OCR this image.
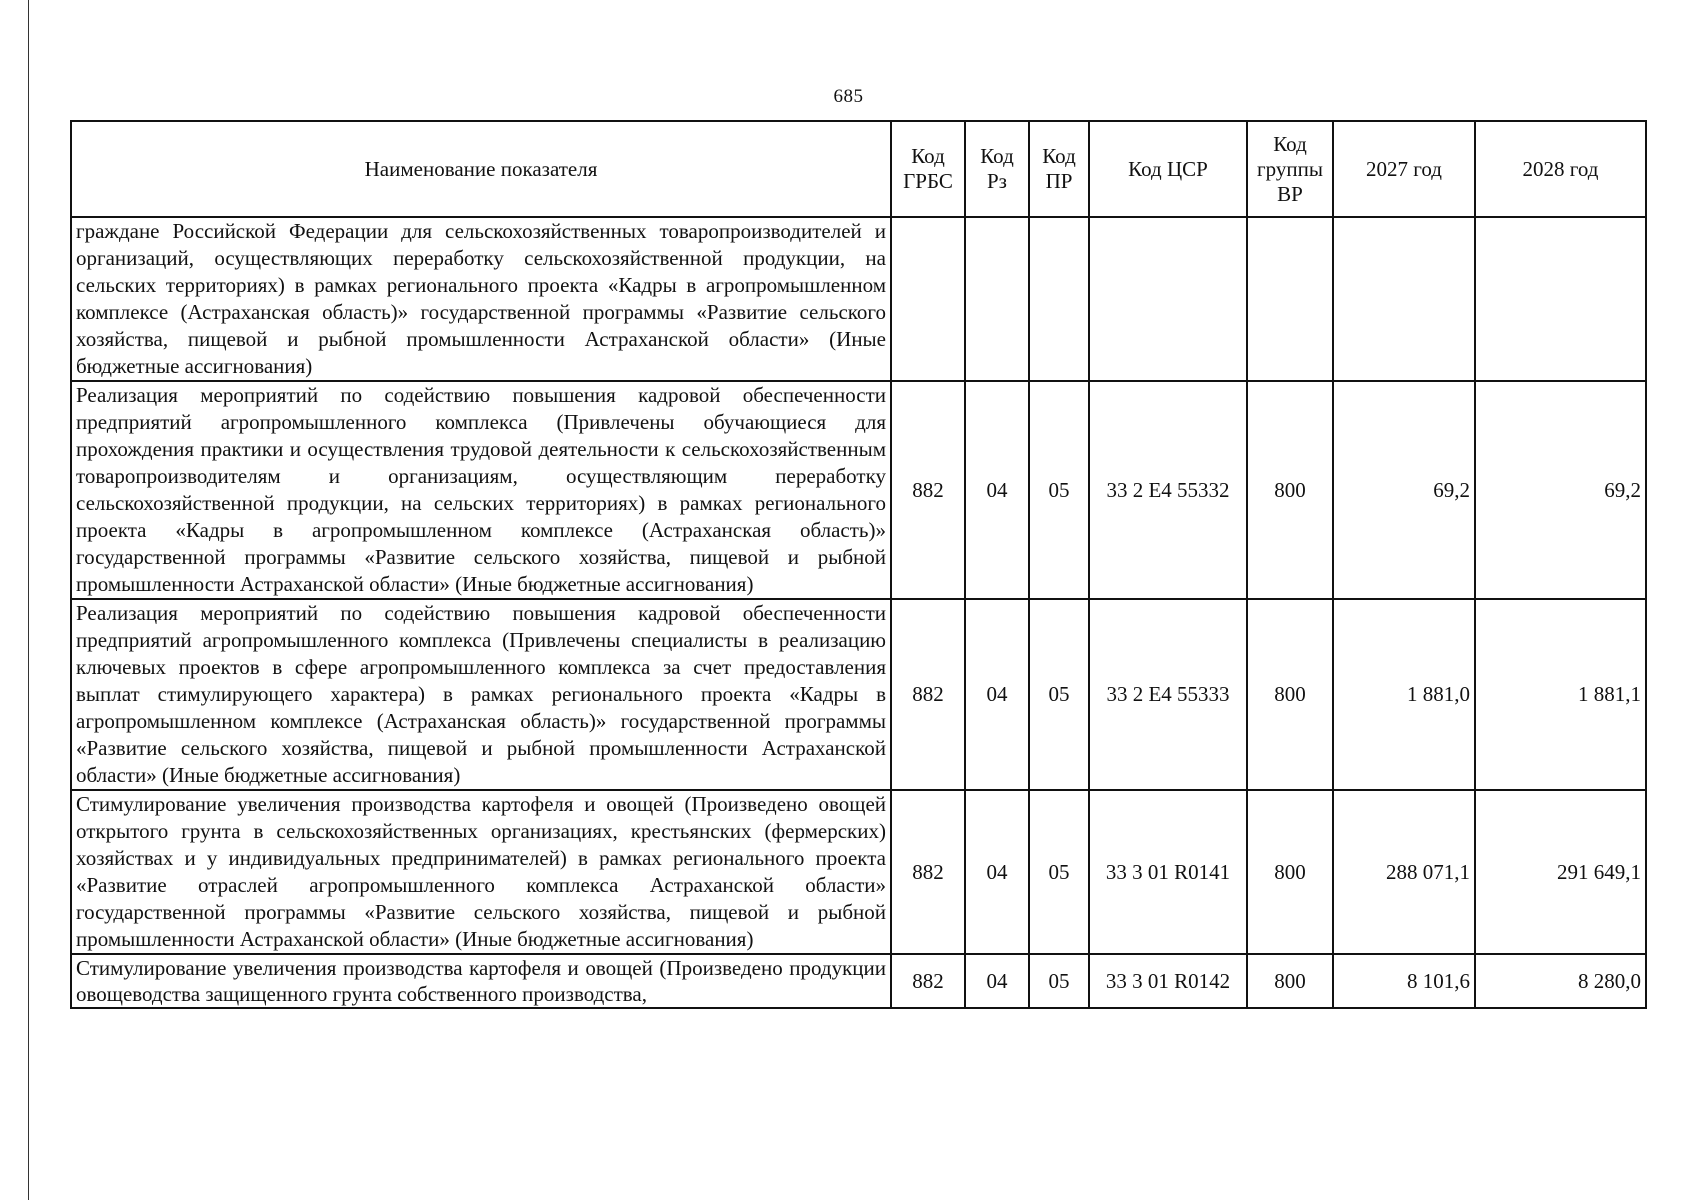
685
Наименование показателя	Код ГРБС	Код Рз	Код ПР	Код ЦСР	Код группы ВР	2027 год	2028 год
граждане Российской Федерации для сельскохозяйственных товаропроизводителей и организаций, осуществляющих переработку сельскохозяйственной продукции, на сельских территориях) в рамках регионального проекта «Кадры в агропромышленном комплексе (Астраханская область)» государственной программы «Развитие сельского хозяйства, пищевой и рыбной промышленности Астраханской области» (Иные бюджетные ассигнования)							
Реализация мероприятий по содействию повышения кадровой обеспеченности предприятий агропромышленного комплекса (Привлечены обучающиеся для прохождения практики и осуществления трудовой деятельности к сельскохозяйственным товаропроизводителям и организациям, осуществляющим переработку сельскохозяйственной продукции, на сельских территориях) в рамках регионального проекта «Кадры в агропромышленном комплексе (Астраханская область)» государственной программы «Развитие сельского хозяйства, пищевой и рыбной промышленности Астраханской области» (Иные бюджетные ассигнования)	882	04	05	33 2 Е4 55332	800	69,2	69,2
Реализация мероприятий по содействию повышения кадровой обеспеченности предприятий агропромышленного комплекса (Привлечены специалисты в реализацию ключевых проектов в сфере агропромышленного комплекса за счет предоставления выплат стимулирующего характера) в рамках регионального проекта «Кадры в агропромышленном комплексе (Астраханская область)» государственной программы «Развитие сельского хозяйства, пищевой и рыбной промышленности Астраханской области» (Иные бюджетные ассигнования)	882	04	05	33 2 Е4 55333	800	1 881,0	1 881,1
Стимулирование увеличения производства картофеля и овощей (Произведено овощей открытого грунта в сельскохозяйственных организациях, крестьянских (фермерских) хозяйствах и у индивидуальных предпринимателей) в рамках регионального проекта «Развитие отраслей агропромышленного комплекса Астраханской области» государственной программы «Развитие сельского хозяйства, пищевой и рыбной промышленности Астраханской области» (Иные бюджетные ассигнования)	882	04	05	33 3 01 R0141	800	288 071,1	291 649,1
Стимулирование увеличения производства картофеля и овощей (Произведено продукции овощеводства защищенного грунта собственного производства,	882	04	05	33 3 01 R0142	800	8 101,6	8 280,0
